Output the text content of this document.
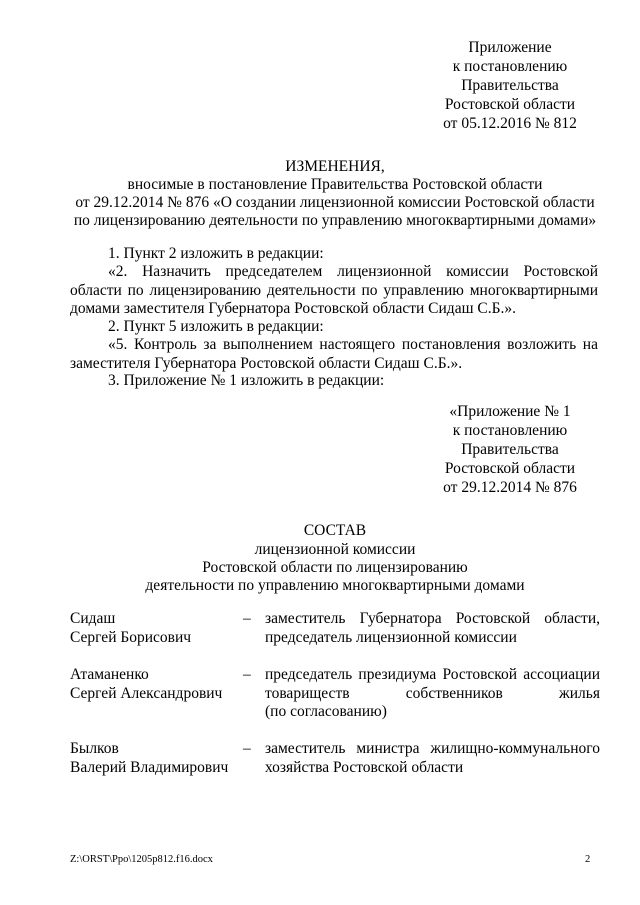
Приложение
к постановлению
Правительства
Ростовской области
от 05.12.2016 № 812
ИЗМЕНЕНИЯ,
вносимые в постановление Правительства Ростовской области
от 29.12.2014 № 876 «О создании лицензионной комиссии Ростовской области
по лицензированию деятельности по управлению многоквартирными домами»
1. Пункт 2 изложить в редакции:
«2. Назначить председателем лицензионной комиссии Ростовской области по лицензированию деятельности по управлению многоквартирными домами заместителя Губернатора Ростовской области Сидаш С.Б.».
2. Пункт 5 изложить в редакции:
«5. Контроль за выполнением настоящего постановления возложить на заместителя Губернатора Ростовской области Сидаш С.Б.».
3. Приложение № 1 изложить в редакции:
«Приложение № 1
к постановлению
Правительства
Ростовской области
от 29.12.2014 № 876
СОСТАВ
лицензионной комиссии
Ростовской области по лицензированию
деятельности по управлению многоквартирными домами
Сидаш
Сергей Борисович
– заместитель Губернатора Ростовской области,
председатель лицензионной комиссии
Атаманенко
Сергей Александрович
– председатель президиума Ростовской ассоциации
товариществ собственников жилья
(по согласованию)
Былков
Валерий Владимирович
– заместитель министра жилищно-коммунального
хозяйства Ростовской области
Z:\ORST\Ppo\1205p812.f16.docx	2
